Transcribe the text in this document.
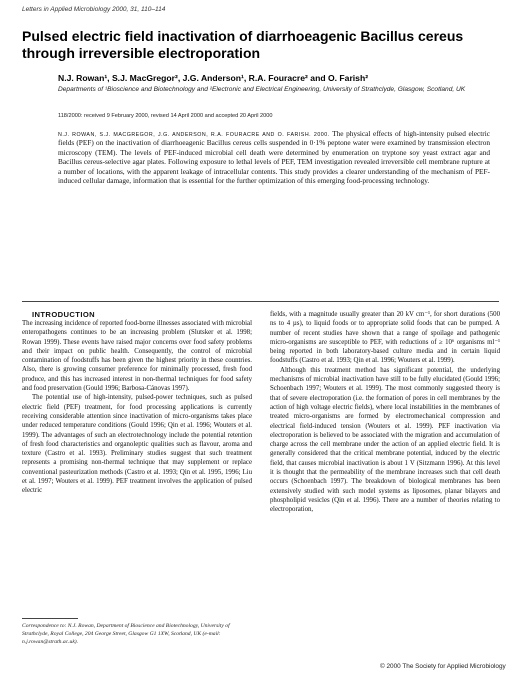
Letters in Applied Microbiology 2000, 31, 110–114
Pulsed electric field inactivation of diarrhoeagenic Bacillus cereus through irreversible electroporation
N.J. Rowan¹, S.J. MacGregor², J.G. Anderson¹, R.A. Fouracre² and O. Farish²
Departments of ¹Bioscience and Biotechnology and ²Electronic and Electrical Engineering, University of Strathclyde, Glasgow, Scotland, UK
118/2000: received 9 February 2000, revised 14 April 2000 and accepted 20 April 2000

N.J. ROWAN, S.J. MACGREGOR, J.G. ANDERSON, R.A. FOURACRE AND O. FARISH. 2000. The physical effects of high-intensity pulsed electric fields (PEF) on the inactivation of diarrhoeagenic Bacillus cereus cells suspended in 0·1% peptone water were examined by transmission electron microscopy (TEM). The levels of PEF-induced microbial cell death were determined by enumeration on tryptone soy yeast extract agar and Bacillus cereus-selective agar plates. Following exposure to lethal levels of PEF, TEM investigation revealed irreversible cell membrane rupture at a number of locations, with the apparent leakage of intracellular contents. This study provides a clearer understanding of the mechanism of PEF-induced cellular damage, information that is essential for the further optimization of this emerging food-processing technology.

INTRODUCTION

The increasing incidence of reported food-borne illnesses associated with microbial enteropathogens continues to be an increasing problem (Slutsker et al. 1998; Rowan 1999). These events have raised major concerns over food safety problems and their impact on public health. Consequently, the control of microbial contamination of foodstuffs has been given the highest priority in these countries. Also, there is growing consumer preference for minimally processed, fresh food produce, and this has increased interest in non-thermal techniques for food safety and food preservation (Gould 1996; Barbosa-Cánovas 1997).

The potential use of high-intensity, pulsed-power techniques, such as pulsed electric field (PEF) treatment, for food processing applications is currently receiving considerable attention since inactivation of micro-organisms takes place under reduced temperature conditions (Gould 1996; Qin et al. 1996; Wouters et al. 1999). The advantages of such an electrotechnology include the potential retention of fresh food characteristics and organoleptic qualities such as flavour, aroma and texture (Castro et al. 1993). Preliminary studies suggest that such treatment represents a promising non-thermal technique that may supplement or replace conventional pasteurization methods (Castro et al. 1993; Qin et al. 1995, 1996; Liu et al. 1997; Wouters et al. 1999). PEF treatment involves the application of pulsed electric

fields, with a magnitude usually greater than 20 kV cm⁻¹, for short durations (500 ns to 4 µs), to liquid foods or to appropriate solid foods that can be pumped. A number of recent studies have shown that a range of spoilage and pathogenic micro-organisms are susceptible to PEF, with reductions of ≥ 10⁶ organisms ml⁻¹ being reported in both laboratory-based culture media and in certain liquid foodstuffs (Castro et al. 1993; Qin et al. 1996; Wouters et al. 1999).

Although this treatment method has significant potential, the underlying mechanisms of microbial inactivation have still to be fully elucidated (Gould 1996; Schoenbach 1997; Wouters et al. 1999). The most commonly suggested theory is that of severe electroporation (i.e. the formation of pores in cell membranes by the action of high voltage electric fields), where local instabilities in the membranes of treated micro-organisms are formed by electromechanical compression and electrical field-induced tension (Wouters et al. 1999). PEF inactivation via electroporation is believed to be associated with the migration and accumulation of charge across the cell membrane under the action of an applied electric field. It is generally considered that the critical membrane potential, induced by the electric field, that causes microbial inactivation is about 1 V (Sitzmann 1996). At this level it is thought that the permeability of the membrane increases such that cell death occurs (Schoenbach 1997). The breakdown of biological membranes has been extensively studied with such model systems as liposomes, planar bilayers and phospholipid vesicles (Qin et al. 1996). There are a number of theories relating to electroporation,

Correspondence to: N.J. Rowan, Department of Bioscience and Biotechnology, University of Strathclyde, Royal College, 204 George Street, Glasgow G1 1XW, Scotland, UK (e-mail: n.j.rowan@strath.ac.uk).

© 2000 The Society for Applied Microbiology
